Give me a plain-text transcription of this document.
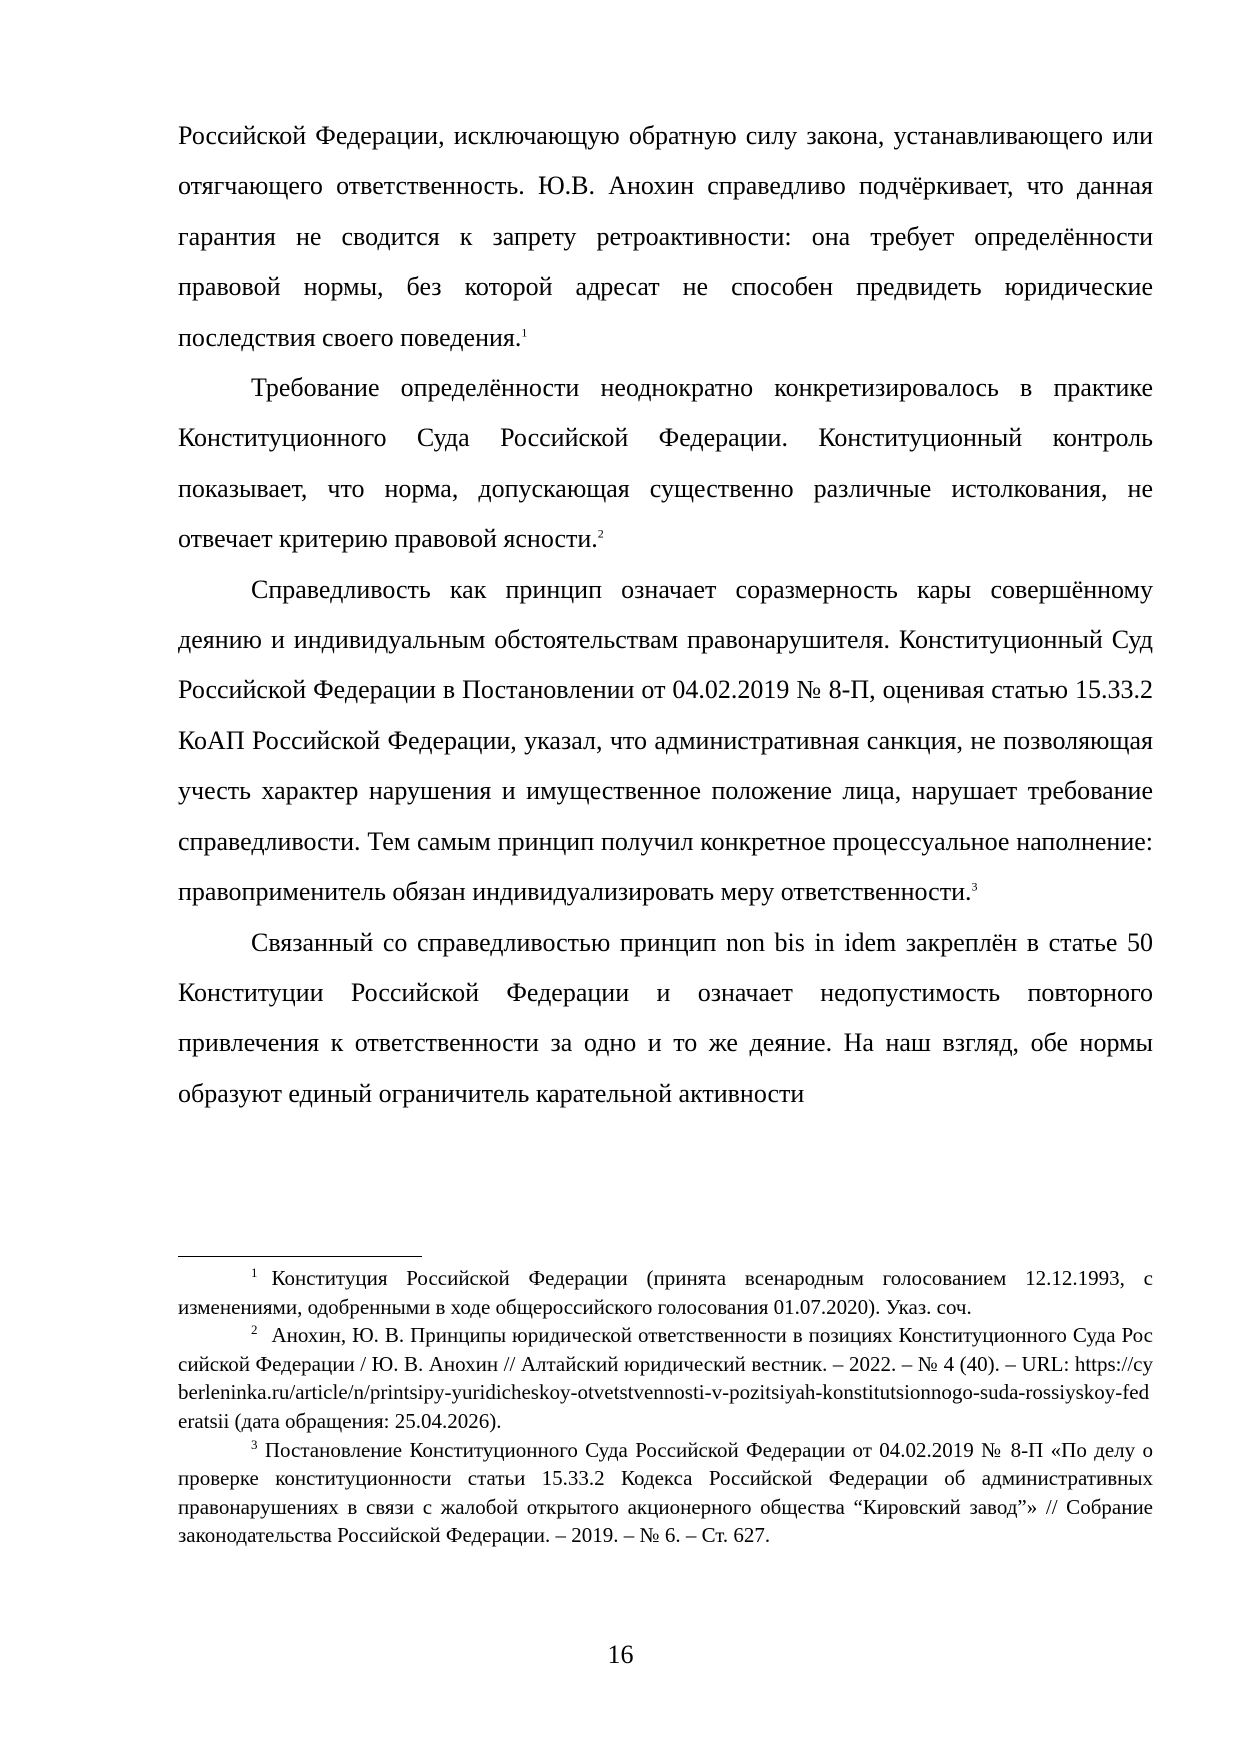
Российской Федерации, исключающую обратную силу закона, устанавливающего или отягчающего ответственность. Ю.В. Анохин справедливо подчёркивает, что данная гарантия не сводится к запрету ретроактивности: она требует определённости правовой нормы, без которой адресат не способен предвидеть юридические последствия своего поведения.$^1$

Требование определённости неоднократно конкретизировалось в практике Конституционного Суда Российской Федерации. Конституционный контроль показывает, что норма, допускающая существенно различные истолкования, не отвечает критерию правовой ясности.$^2$

Справедливость как принцип означает соразмерность кары совершённому деянию и индивидуальным обстоятельствам правонарушителя. Конституционный Суд Российской Федерации в Постановлении от 04.02.2019 № 8-П, оценивая статью 15.33.2 КоАП Российской Федерации, указал, что административная санкция, не позволяющая учесть характер нарушения и имущественное положение лица, нарушает требование справедливости. Тем самым принцип получил конкретное процессуальное наполнение: правоприменитель обязан индивидуализировать меру ответственности.$^3$

Связанный со справедливостью принцип non bis in idem закреплён в статье 50 Конституции Российской Федерации и означает недопустимость повторного привлечения к ответственности за одно и то же деяние. На наш взгляд, обе нормы образуют единый ограничитель карательной активности

$^1$ Конституция Российской Федерации (принята всенародным голосованием 12.12.1993, с изменениями, одобренными в ходе общероссийского голосования 01.07.2020). Указ. соч.

$^2$ Анохин, Ю. В. Принципы юридической ответственности в позициях Конституционного Суда Российской Федерации / Ю. В. Анохин // Алтайский юридический вестник. – 2022. – № 4 (40). – URL: https://cyberleninka.ru/article/n/printsipy-yuridicheskoy-otvetstvennosti-v-pozitsiyah-konstitutsionnogo-suda-rossiyskoy-federatsii (дата обращения: 25.04.2026).

$^3$ Постановление Конституционного Суда Российской Федерации от 04.02.2019 № 8-П «По делу о проверке конституционности статьи 15.33.2 Кодекса Российской Федерации об административных правонарушениях в связи с жалобой открытого акционерного общества “Кировский завод”» // Собрание законодательства Российской Федерации. – 2019. – № 6. – Ст. 627.

16
